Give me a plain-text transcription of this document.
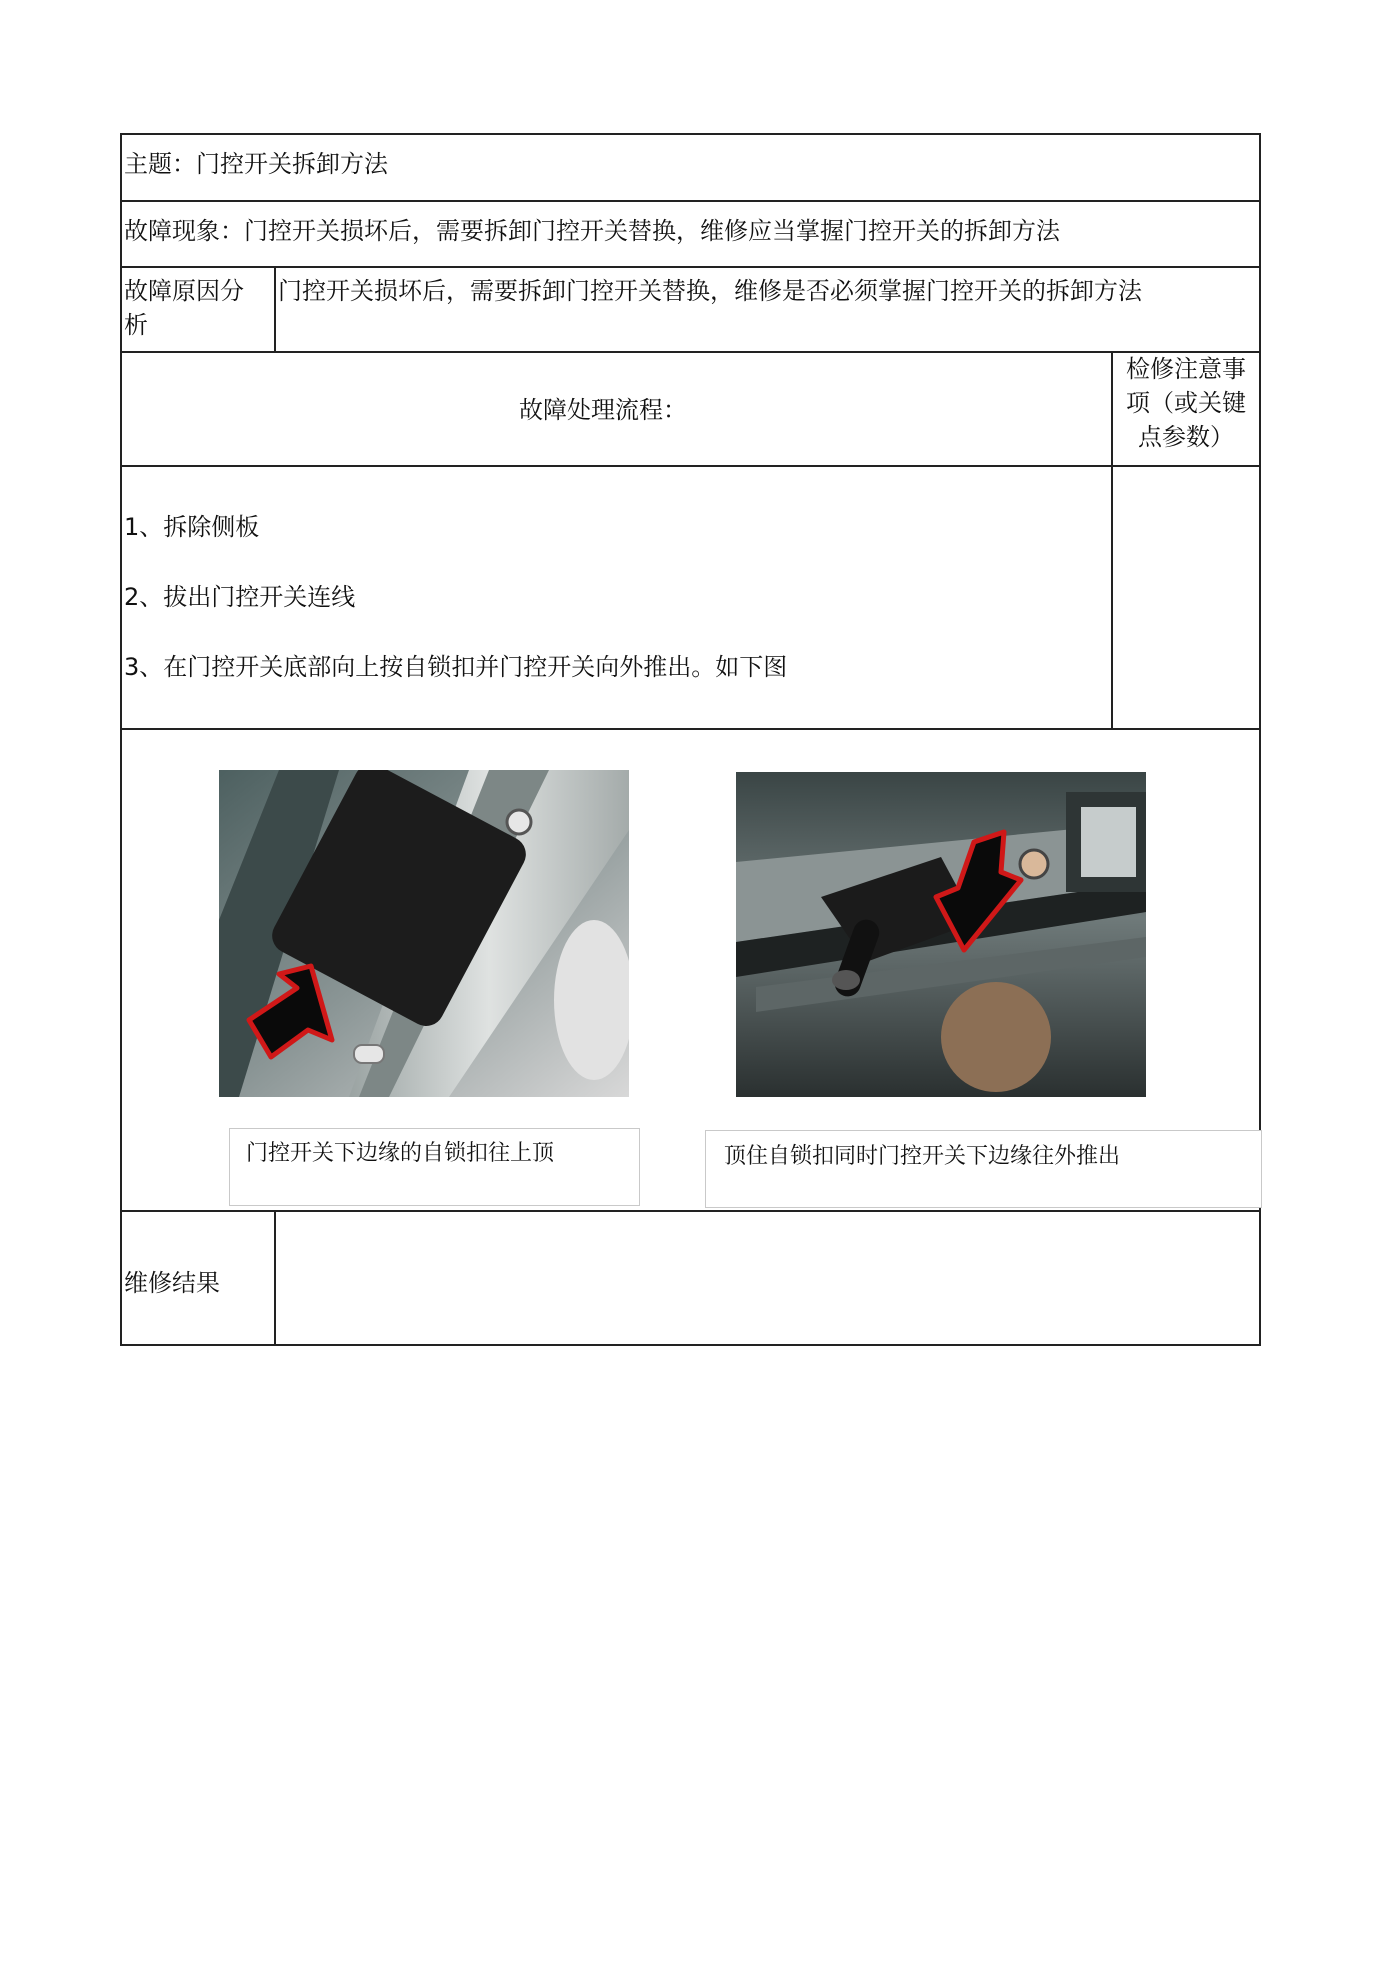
主题：门控开关拆卸方法
故障现象：门控开关损坏后，需要拆卸门控开关替换，维修应当掌握门控开关的拆卸方法
故障原因分析
门控开关损坏后，需要拆卸门控开关替换，维修是否必须掌握门控开关的拆卸方法
故障处理流程：
检修注意事项（或关键点参数）
1、拆除侧板
2、拔出门控开关连线
3、在门控开关底部向上按自锁扣并门控开关向外推出。如下图
门控开关下边缘的自锁扣往上顶	顶住自锁扣同时门控开关下边缘往外推出
维修结果
